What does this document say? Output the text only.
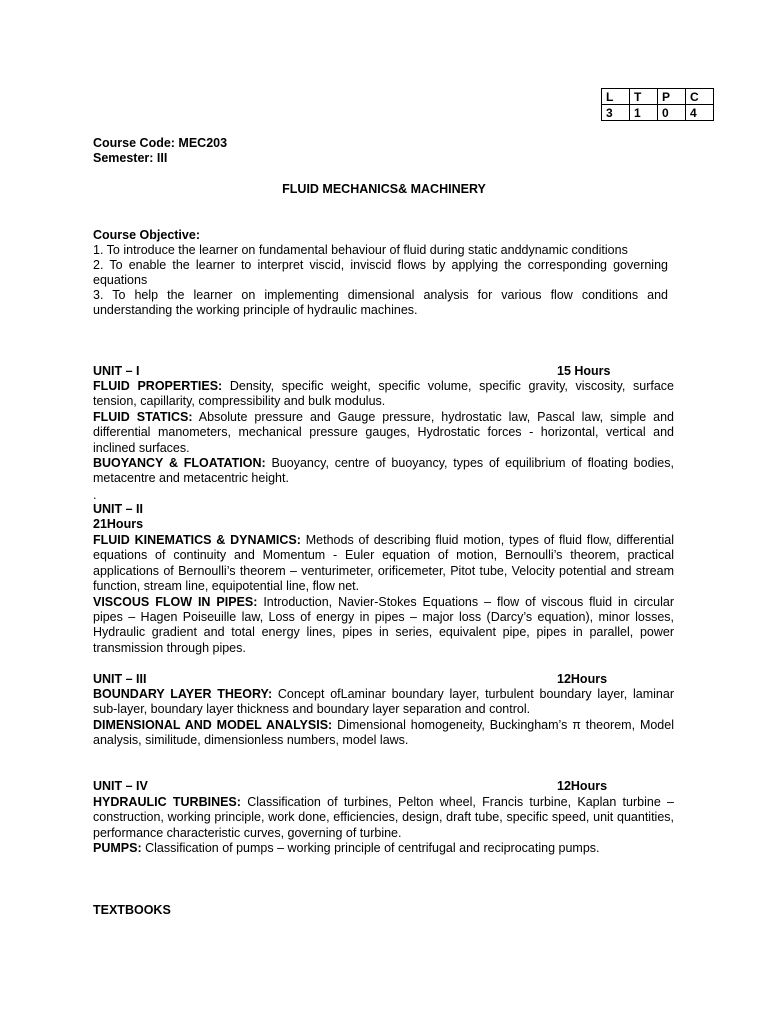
L	T	P	C
3	1	0	4
Course Code: MEC203
Semester: III
FLUID MECHANICS& MACHINERY
Course Objective:

1. To introduce the learner on fundamental behaviour of fluid during static anddynamic conditions

2. To enable the learner to interpret viscid, inviscid flows by applying the corresponding governing equations

3. To help the learner on implementing dimensional analysis for various flow conditions and understanding the working principle of hydraulic machines.

UNIT – I	15 Hours

FLUID PROPERTIES: Density, specific weight, specific volume, specific gravity, viscosity, surface tension, capillarity, compressibility and bulk modulus.

FLUID STATICS: Absolute pressure and Gauge pressure, hydrostatic law, Pascal law, simple and differential manometers, mechanical pressure gauges, Hydrostatic forces - horizontal, vertical and inclined surfaces.

BUOYANCY & FLOATATION: Buoyancy, centre of buoyancy, types of equilibrium of floating bodies, metacentre and metacentric height.

.
UNIT – II
21Hours

FLUID KINEMATICS & DYNAMICS: Methods of describing fluid motion, types of fluid flow, differential equations of continuity and Momentum - Euler equation of motion, Bernoulli’s theorem, practical applications of Bernoulli’s theorem – venturimeter, orificemeter, Pitot tube, Velocity potential and stream function, stream line, equipotential line, flow net.

VISCOUS FLOW IN PIPES: Introduction, Navier-Stokes Equations – flow of viscous fluid in circular pipes – Hagen Poiseuille law, Loss of energy in pipes – major loss (Darcy’s equation), minor losses, Hydraulic gradient and total energy lines, pipes in series, equivalent pipe, pipes in parallel, power transmission through pipes.

UNIT – III	12Hours

BOUNDARY LAYER THEORY: Concept ofLaminar boundary layer, turbulent boundary layer, laminar sub-layer, boundary layer thickness and boundary layer separation and control.

DIMENSIONAL AND MODEL ANALYSIS: Dimensional homogeneity, Buckingham’s π theorem, Model analysis, similitude, dimensionless numbers, model laws.

UNIT – IV	12Hours

HYDRAULIC TURBINES: Classification of turbines, Pelton wheel, Francis turbine, Kaplan turbine – construction, working principle, work done, efficiencies, design, draft tube, specific speed, unit quantities, performance characteristic curves, governing of turbine.

PUMPS: Classification of pumps – working principle of centrifugal and reciprocating pumps.

TEXTBOOKS
